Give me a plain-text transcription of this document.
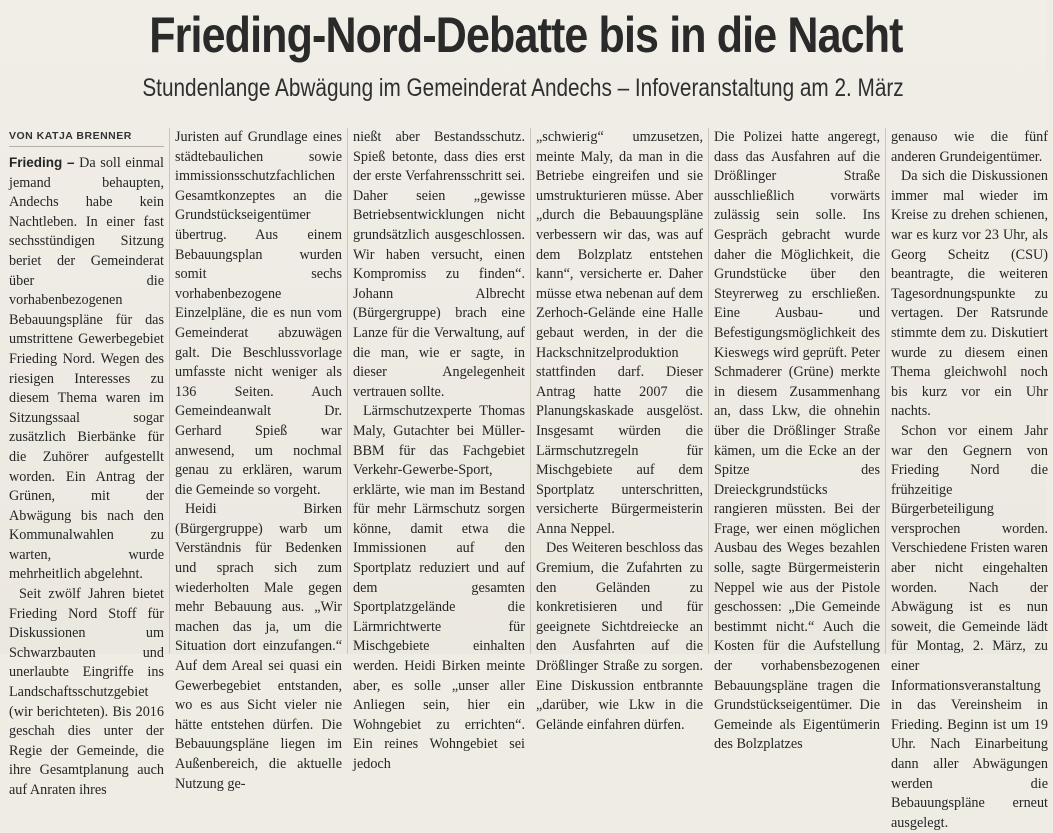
Frieding-Nord-Debatte bis in die Nacht
Stundenlange Abwägung im Gemeinderat Andechs – Infoveranstaltung am 2. März
VON KATJA BRENNER

Frieding – Da soll einmal jemand behaupten, Andechs habe kein Nachtleben. In einer fast sechsstündigen Sitzung beriet der Gemeinderat über die vorhabenbezogenen Bebauungspläne für das umstrittene Gewerbegebiet Frieding Nord. Wegen des riesigen Interesses zu diesem Thema waren im Sitzungssaal sogar zusätzlich Bierbänke für die Zuhörer aufgestellt worden. Ein Antrag der Grünen, mit der Abwägung bis nach den Kommunalwahlen zu warten, wurde mehrheitlich abgelehnt.

Seit zwölf Jahren bietet Frieding Nord Stoff für Diskussionen um Schwarzbauten und unerlaubte Eingriffe ins Landschaftsschutzgebiet (wir berichteten). Bis 2016 geschah dies unter der Regie der Gemeinde, die ihre Gesamtplanung auch auf Anraten ihres

Juristen auf Grundlage eines städtebaulichen sowie immissionsschutzfachlichen Gesamtkonzeptes an die Grundstückseigentümer übertrug. Aus einem Bebauungsplan wurden somit sechs vorhabenbezogene Einzelpläne, die es nun vom Gemeinderat abzuwägen galt. Die Beschlussvorlage umfasste nicht weniger als 136 Seiten. Auch Gemeindeanwalt Dr. Gerhard Spieß war anwesend, um nochmal genau zu erklären, warum die Gemeinde so vorgeht.

Heidi Birken (Bürgergruppe) warb um Verständnis für Bedenken und sprach sich zum wiederholten Male gegen mehr Bebauung aus. „Wir machen das ja, um die Situation dort einzufangen.“ Auf dem Areal sei quasi ein Gewerbegebiet entstanden, wo es aus Sicht vieler nie hätte entstehen dürfen. Die Bebauungspläne liegen im Außenbereich, die aktuelle Nutzung ge-

nießt aber Bestandsschutz. Spieß betonte, dass dies erst der erste Verfahrensschritt sei. Daher seien „gewisse Betriebsentwicklungen nicht grundsätzlich ausgeschlossen. Wir haben versucht, einen Kompromiss zu finden“. Johann Albrecht (Bürgergruppe) brach eine Lanze für die Verwaltung, auf die man, wie er sagte, in dieser Angelegenheit vertrauen sollte.

Lärmschutzexperte Thomas Maly, Gutachter bei Müller-BBM für das Fachgebiet Verkehr-Gewerbe-Sport, erklärte, wie man im Bestand für mehr Lärmschutz sorgen könne, damit etwa die Immissionen auf den Sportplatz reduziert und auf dem gesamten Sportplatzgelände die Lärmrichtwerte für Mischgebiete einhalten werden. Heidi Birken meinte aber, es solle „unser aller Anliegen sein, hier ein Wohngebiet zu errichten“. Ein reines Wohngebiet sei jedoch

„schwierig“ umzusetzen, meinte Maly, da man in die Betriebe eingreifen und sie umstrukturieren müsse. Aber „durch die Bebauungspläne verbessern wir das, was auf dem Bolzplatz entstehen kann“, versicherte er. Daher müsse etwa nebenan auf dem Zerhoch-Gelände eine Halle gebaut werden, in der die Hackschnitzelproduktion stattfinden darf. Dieser Antrag hatte 2007 die Planungskaskade ausgelöst. Insgesamt würden die Lärmschutzregeln für Mischgebiete auf dem Sportplatz unterschritten, versicherte Bürgermeisterin Anna Neppel.

Des Weiteren beschloss das Gremium, die Zufahrten zu den Geländen zu konkretisieren und für geeignete Sichtdreiecke an den Ausfahrten auf die Drößlinger Straße zu sorgen. Eine Diskussion entbrannte „darüber, wie Lkw in die Gelände einfahren dürfen.

Die Polizei hatte angeregt, dass das Ausfahren auf die Drößlinger Straße ausschließlich vorwärts zulässig sein solle. Ins Gespräch gebracht wurde daher die Möglichkeit, die Grundstücke über den Steyrerweg zu erschließen. Eine Ausbau- und Befestigungsmöglichkeit des Kieswegs wird geprüft. Peter Schmaderer (Grüne) merkte in diesem Zusammenhang an, dass Lkw, die ohnehin über die Drößlinger Straße kämen, um die Ecke an der Spitze des Dreieckgrundstücks rangieren müssten. Bei der Frage, wer einen möglichen Ausbau des Weges bezahlen solle, sagte Bürgermeisterin Neppel wie aus der Pistole geschossen: „Die Gemeinde bestimmt nicht.“ Auch die Kosten für die Aufstellung der vorhabensbezogenen Bebauungspläne tragen die Grundstückseigentümer. Die Gemeinde als Eigentümerin des Bolzplatzes

genauso wie die fünf anderen Grundeigentümer.

Da sich die Diskussionen immer mal wieder im Kreise zu drehen schienen, war es kurz vor 23 Uhr, als Georg Scheitz (CSU) beantragte, die weiteren Tagesordnungspunkte zu vertagen. Der Ratsrunde stimmte dem zu. Diskutiert wurde zu diesem einen Thema gleichwohl noch bis kurz vor ein Uhr nachts.

Schon vor einem Jahr war den Gegnern von Frieding Nord die frühzeitige Bürgerbeteiligung versprochen worden. Verschiedene Fristen waren aber nicht eingehalten worden. Nach der Abwägung ist es nun soweit, die Gemeinde lädt für Montag, 2. März, zu einer Informationsveranstaltung in das Vereinsheim in Frieding. Beginn ist um 19 Uhr. Nach Einarbeitung dann aller Abwägungen werden die Bebauungspläne erneut ausgelegt.
